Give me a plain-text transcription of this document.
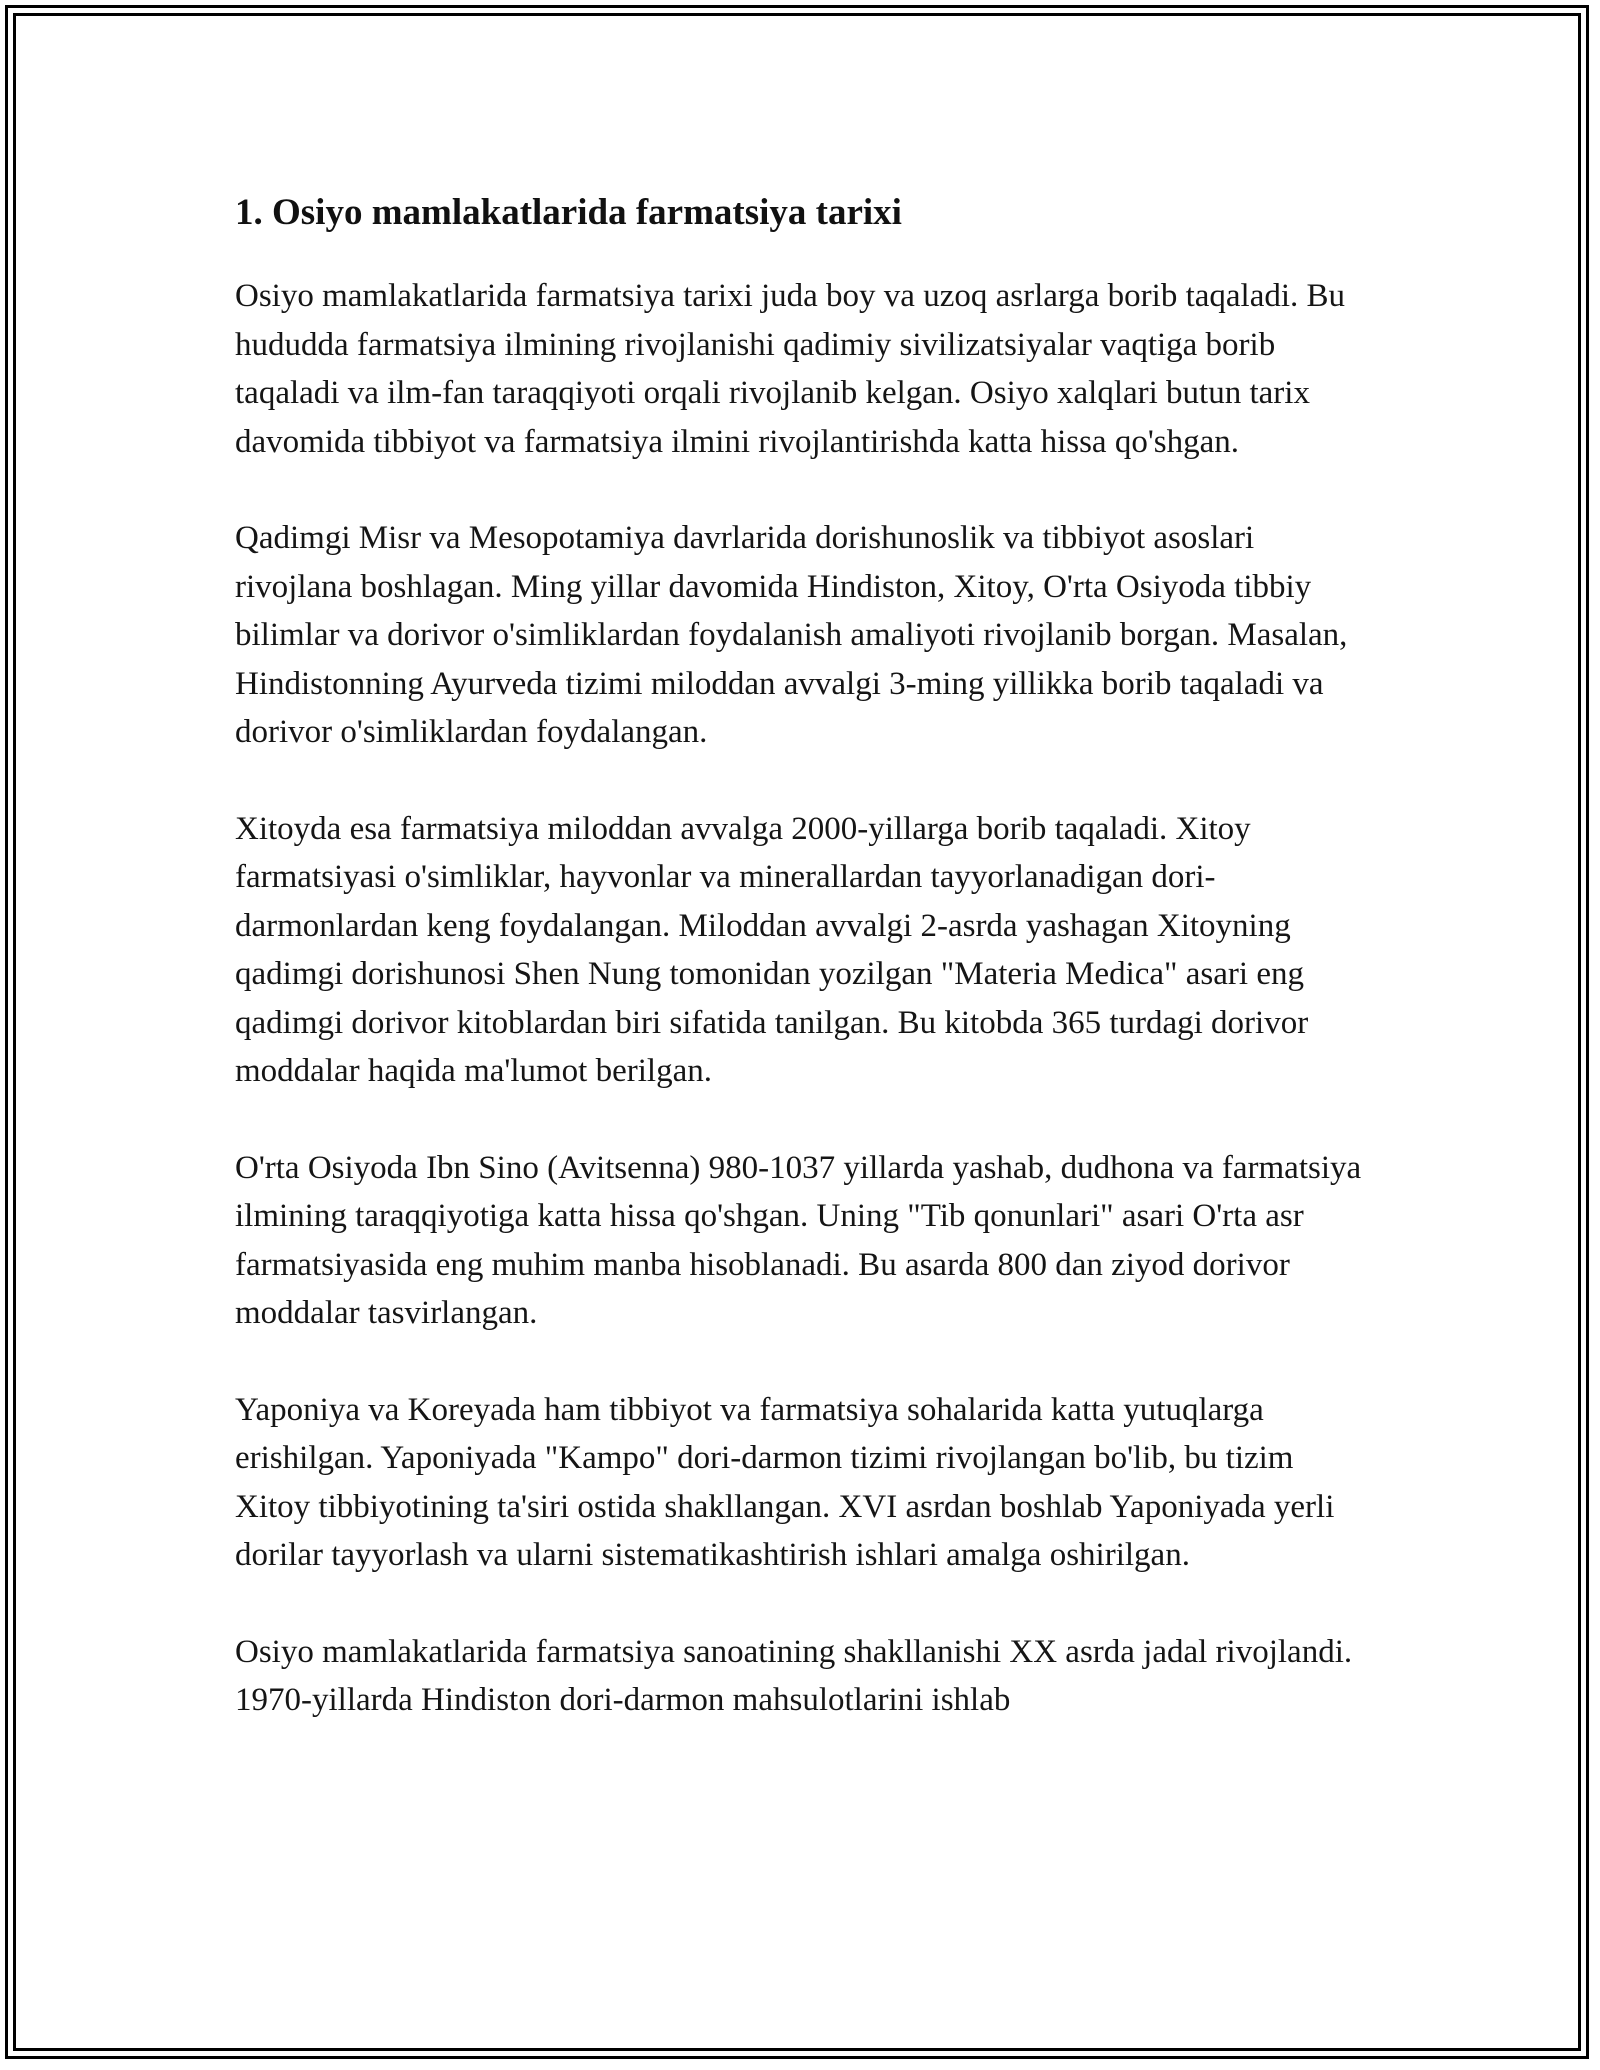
1. Osiyo mamlakatlarida farmatsiya tarixi

Osiyo mamlakatlarida farmatsiya tarixi juda boy va uzoq asrlarga borib taqaladi. Bu hududda farmatsiya ilmining rivojlanishi qadimiy sivilizatsiyalar vaqtiga borib taqaladi va ilm-fan taraqqiyoti orqali rivojlanib kelgan. Osiyo xalqlari butun tarix davomida tibbiyot va farmatsiya ilmini rivojlantirishda katta hissa qo'shgan.

Qadimgi Misr va Mesopotamiya davrlarida dorishunoslik va tibbiyot asoslari rivojlana boshlagan. Ming yillar davomida Hindiston, Xitoy, O'rta Osiyoda tibbiy bilimlar va dorivor o'simliklardan foydalanish amaliyoti rivojlanib borgan. Masalan, Hindistonning Ayurveda tizimi miloddan avvalgi 3-ming yillikka borib taqaladi va dorivor o'simliklardan foydalangan.

Xitoyda esa farmatsiya miloddan avvalga 2000-yillarga borib taqaladi. Xitoy farmatsiyasi o'simliklar, hayvonlar va minerallardan tayyorlanadigan dori-darmonlardan keng foydalangan. Miloddan avvalgi 2-asrda yashagan Xitoyning qadimgi dorishunosi Shen Nung tomonidan yozilgan "Materia Medica" asari eng qadimgi dorivor kitoblardan biri sifatida tanilgan. Bu kitobda 365 turdagi dorivor moddalar haqida ma'lumot berilgan.

O'rta Osiyoda Ibn Sino (Avitsenna) 980-1037 yillarda yashab, dudhona va farmatsiya ilmining taraqqiyotiga katta hissa qo'shgan. Uning "Tib qonunlari" asari O'rta asr farmatsiyasida eng muhim manba hisoblanadi. Bu asarda 800 dan ziyod dorivor moddalar tasvirlangan.

Yaponiya va Koreyada ham tibbiyot va farmatsiya sohalarida katta yutuqlarga erishilgan. Yaponiyada "Kampo" dori-darmon tizimi rivojlangan bo'lib, bu tizim Xitoy tibbiyotining ta'siri ostida shakllangan. XVI asrdan boshlab Yaponiyada yerli dorilar tayyorlash va ularni sistematikashtirish ishlari amalga oshirilgan.

Osiyo mamlakatlarida farmatsiya sanoatining shakllanishi XX asrda jadal rivojlandi. 1970-yillarda Hindiston dori-darmon mahsulotlarini ishlab
